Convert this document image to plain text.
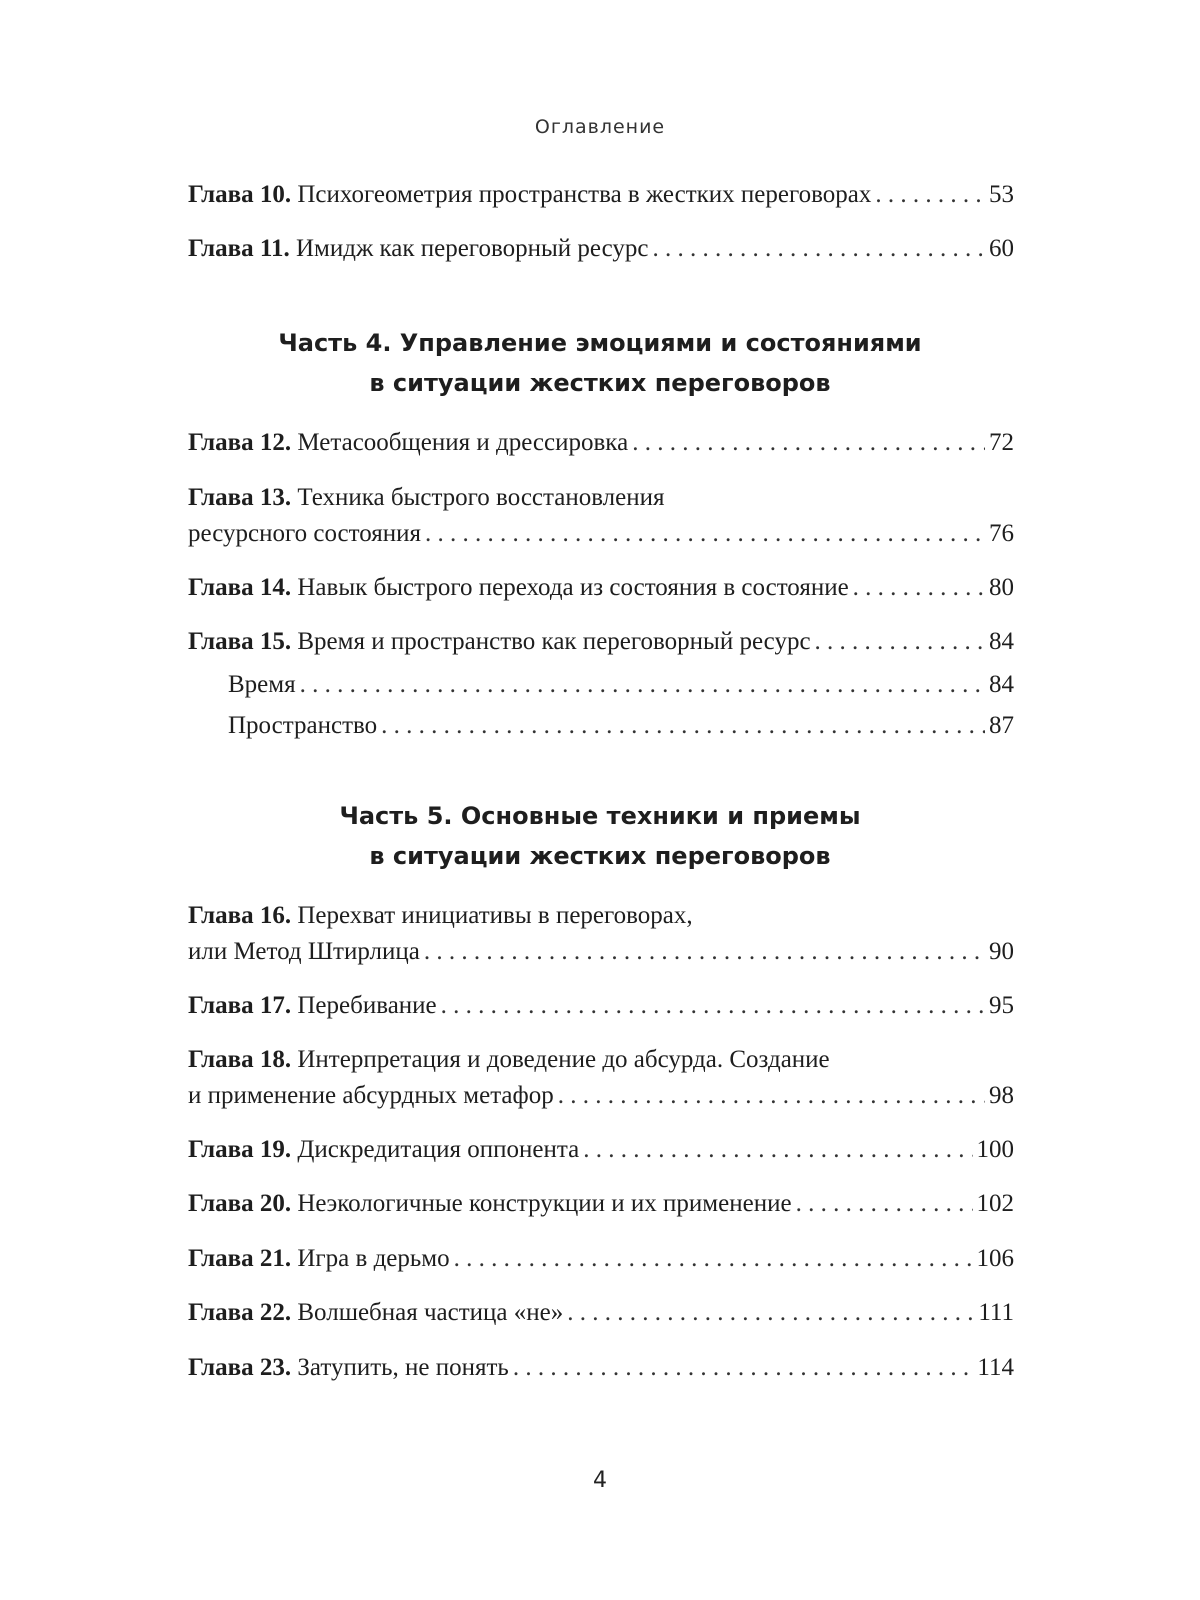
Оглавление
Глава 10. Психогеометрия пространства в жестких переговорах . . .	53
Глава 11. Имидж как переговорный ресурс . . .	60
Часть 4. Управление эмоциями и состояниями
в ситуации жестких переговоров
Глава 12. Метасообщения и дрессировка . . .	72
Глава 13. Техника быстрого восстановления
ресурсного состояния . . .	76
Глава 14. Навык быстрого перехода из состояния в состояние . . .	80
Глава 15. Время и пространство как переговорный ресурс . . .	84
Время . . .	84
Пространство . . .	87
Часть 5. Основные техники и приемы
в ситуации жестких переговоров
Глава 16. Перехват инициативы в переговорах,
или Метод Штирлица . . .	90
Глава 17. Перебивание . . .	95
Глава 18. Интерпретация и доведение до абсурда. Создание
и применение абсурдных метафор . . .	98
Глава 19. Дискредитация оппонента . . .	100
Глава 20. Неэкологичные конструкции и их применение . . .	102
Глава 21. Игра в дерьмо . . .	106
Глава 22. Волшебная частица «не» . . .	111
Глава 23. Затупить, не понять . . .	114
4
